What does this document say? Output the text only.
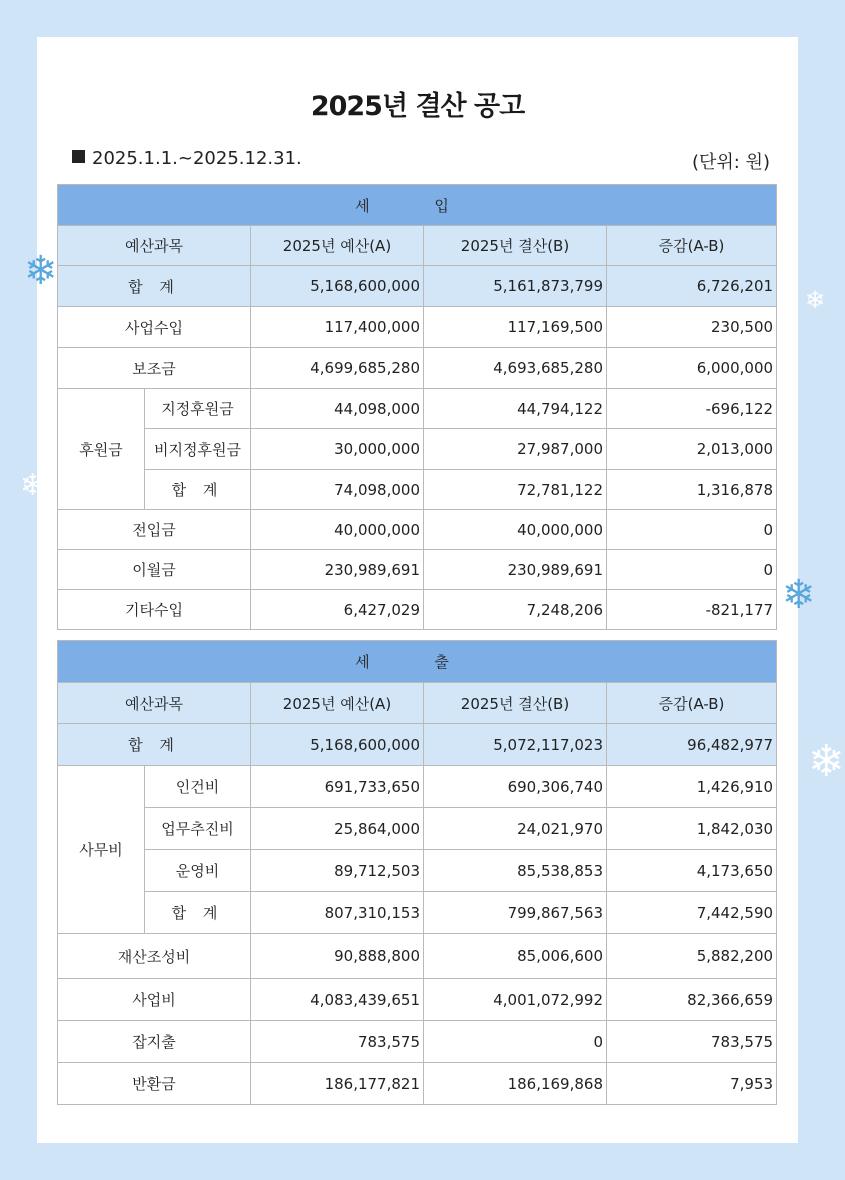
❄
❄
❄
❄
❄
2025년 결산 공고
2025.1.1.~2025.12.31.	(단위: 원)
세 입				
예산과목		2025년 예산(A)	2025년 결산(B)	증감(A-B)
합 계		5,168,600,000	5,161,873,799	6,726,201
사업수입		117,400,000	117,169,500	230,500
보조금		4,699,685,280	4,693,685,280	6,000,000
후원금	지정후원금	44,098,000	44,794,122	-696,122
	비지정후원금	30,000,000	27,987,000	2,013,000
	합 계	74,098,000	72,781,122	1,316,878
전입금		40,000,000	40,000,000	0
이월금		230,989,691	230,989,691	0
기타수입		6,427,029	7,248,206	-821,177
세 출				
예산과목		2025년 예산(A)	2025년 결산(B)	증감(A-B)
합 계		5,168,600,000	5,072,117,023	96,482,977
사무비	인건비	691,733,650	690,306,740	1,426,910
	업무추진비	25,864,000	24,021,970	1,842,030
	운영비	89,712,503	85,538,853	4,173,650
	합 계	807,310,153	799,867,563	7,442,590
재산조성비		90,888,800	85,006,600	5,882,200
사업비		4,083,439,651	4,001,072,992	82,366,659
잡지출		783,575	0	783,575
반환금		186,177,821	186,169,868	7,953
